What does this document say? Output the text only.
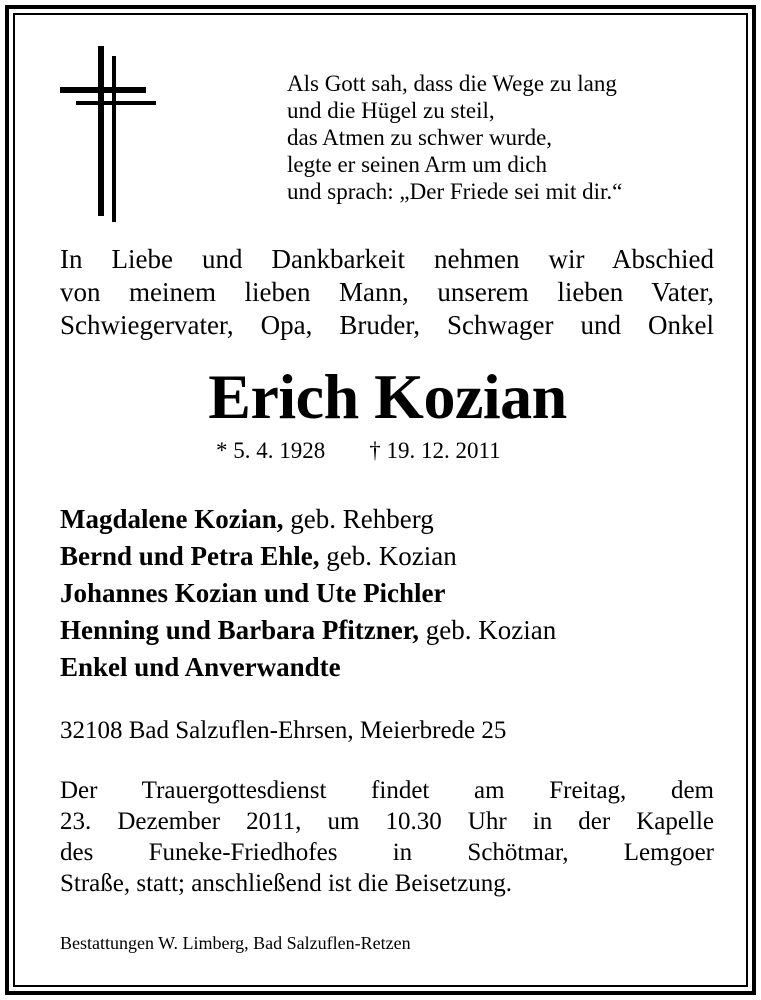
Als Gott sah, dass die Wege zu lang
und die Hügel zu steil,
das Atmen zu schwer wurde,
legte er seinen Arm um dich
und sprach: „Der Friede sei mit dir.“
In Liebe und Dankbarkeit nehmen wir Abschied
von meinem lieben Mann, unserem lieben Vater,
Schwiegervater, Opa, Bruder, Schwager und Onkel
Erich Kozian
* 5. 4. 1928 † 19. 12. 2011
Magdalene Kozian, geb. Rehberg
Bernd und Petra Ehle, geb. Kozian
Johannes Kozian und Ute Pichler
Henning und Barbara Pfitzner, geb. Kozian
Enkel und Anverwandte
32108 Bad Salzuflen-Ehrsen, Meierbrede 25
Der Trauergottesdienst findet am Freitag, dem
23. Dezember 2011, um 10.30 Uhr in der Kapelle
des Funeke-Friedhofes in Schötmar, Lemgoer
Straße, statt; anschließend ist die Beisetzung.
Bestattungen W. Limberg, Bad Salzuflen-Retzen
